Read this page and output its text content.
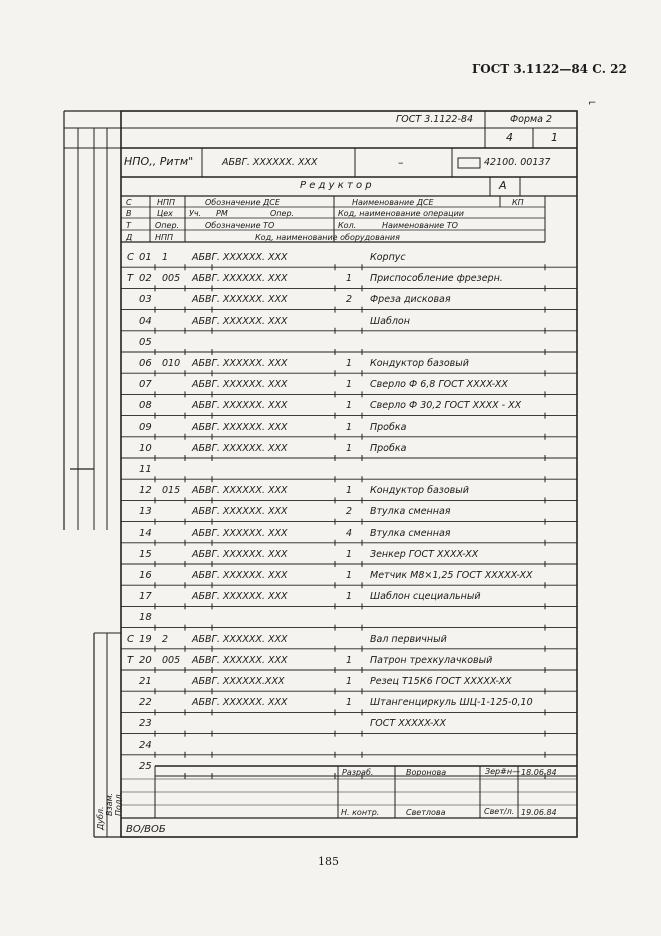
ГОСТ 3.1122—84 С. 22
ГОСТ 3.1122-84	Форма 2
4	1
НПО,, Ритм"	АБВГ. XXXXXX. XXX	–	42100. 00137
Р е д у к т о р	А
С	НПП	Обозначение ДСЕ	Наименование ДСЕ	КП
В	Цех Уч. РМ	Опер.	Код, наименование операции
Т	Опер.	Обозначение ТО	Кол.	Наименование ТО
Д	НПП	Код, наименование оборудования
С 01 1	АБВГ. XXXXXX. XXX	Корпус
Т 02 005 АБВГ. XXXXXX. XXX	1 Приспособление фрезерн.
03	АБВГ. XXXXXX. XXX	2 Фреза дисковая
04	АБВГ. XXXXXX. XXX	Шаблон
05
06 010 АБВГ. XXXXXX. XXX	1 Кондуктор базовый
07	АБВГ. XXXXXX. XXX	1 Сверло Ф 6,8 ГОСТ XXXX-XX
08	АБВГ. XXXXXX. XXX	1 Сверло Ф 30,2 ГОСТ XXXX - XX
09	АБВГ. XXXXXX. XXX	1 Пробка
10	АБВГ. XXXXXX. XXX	1 Пробка
11
12 015 АБВГ. XXXXXX. XXX	1 Кондуктор базовый
13	АБВГ. XXXXXX. XXX	2 Втулка сменная
14	АБВГ. XXXXXX. XXX	4 Втулка сменная
15	АБВГ. XXXXXX. XXX	1 Зенкер ГОСТ XXXX-XX
16	АБВГ. XXXXXX. XXX	1 Метчик М8×1,25 ГОСТ XXXXX-XX
17	АБВГ. XXXXXX. XXX	1 Шаблон сцециальный
18
С 19 2	АБВГ. XXXXXX. XXX	Вал первичный
Т 20 005 АБВГ. XXXXXX. XXX	1 Патрон трехкулачковый
21	АБВГ. XXXXXX.XXX	1 Резец Т15К6 ГОСТ XXXXX-XX
22	АБВГ. XXXXXX. XXX	1 Штангенциркуль ШЦ-1-125-0,10
23	ГОСТ XXXXX-XX
24
25
Разраб.	Воронова	Зер#н— 18.06.84
Н. контр.	Светлова	Свет/л. 19.06.84
Дубл.
Взам. Подл.
ВО/ВОБ
185
⌐
